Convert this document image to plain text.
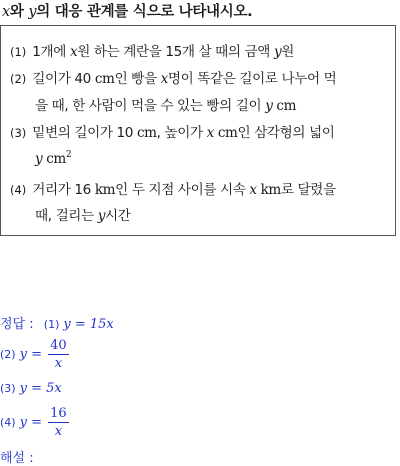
x와 y의 대응 관계를 식으로 나타내시오.
(1) 1개에 x원 하는 계란을 15개 살 때의 금액 y원
(2) 길이가 40 cm인 빵을 x명이 똑같은 길이로 나누어 먹
을 때, 한 사람이 먹을 수 있는 빵의 길이 y cm
(3) 밑변의 길이가 10 cm, 높이가 x cm인 삼각형의 넓이
y $cm^2$
(4) 거리가 16 km인 두 지점 사이를 시속 x km로 달렸을
때, 걸리는 y시간
정답 : (1) y = 15x
(2) $y = \frac{40}{x}$
(3) y = 5x
(4) $y = \frac{16}{x}$
해설 :
